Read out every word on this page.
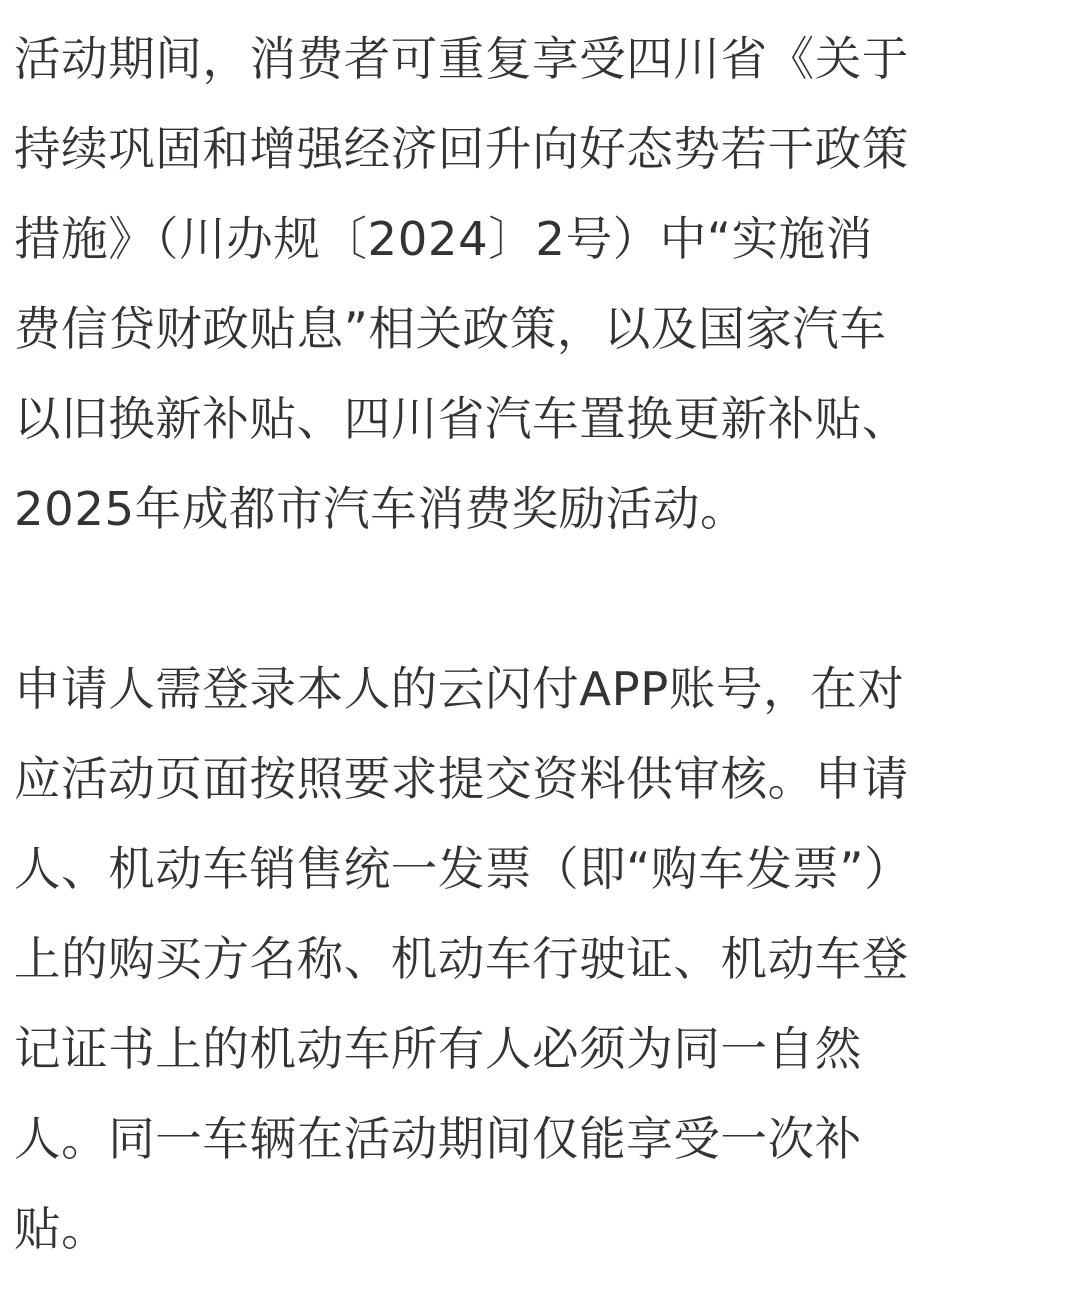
活动期间，消费者可重复享受四川省《关于
持续巩固和增强经济回升向好态势若干政策
措施》（川办规〔2024〕2号）中“实施消
费信贷财政贴息”相关政策，以及国家汽车
以旧换新补贴、四川省汽车置换更新补贴、
2025年成都市汽车消费奖励活动。
申请人需登录本人的云闪付APP账号，在对
应活动页面按照要求提交资料供审核。申请
人、机动车销售统一发票（即“购车发票”）
上的购买方名称、机动车行驶证、机动车登
记证书上的机动车所有人必须为同一自然
人。同一车辆在活动期间仅能享受一次补
贴。
